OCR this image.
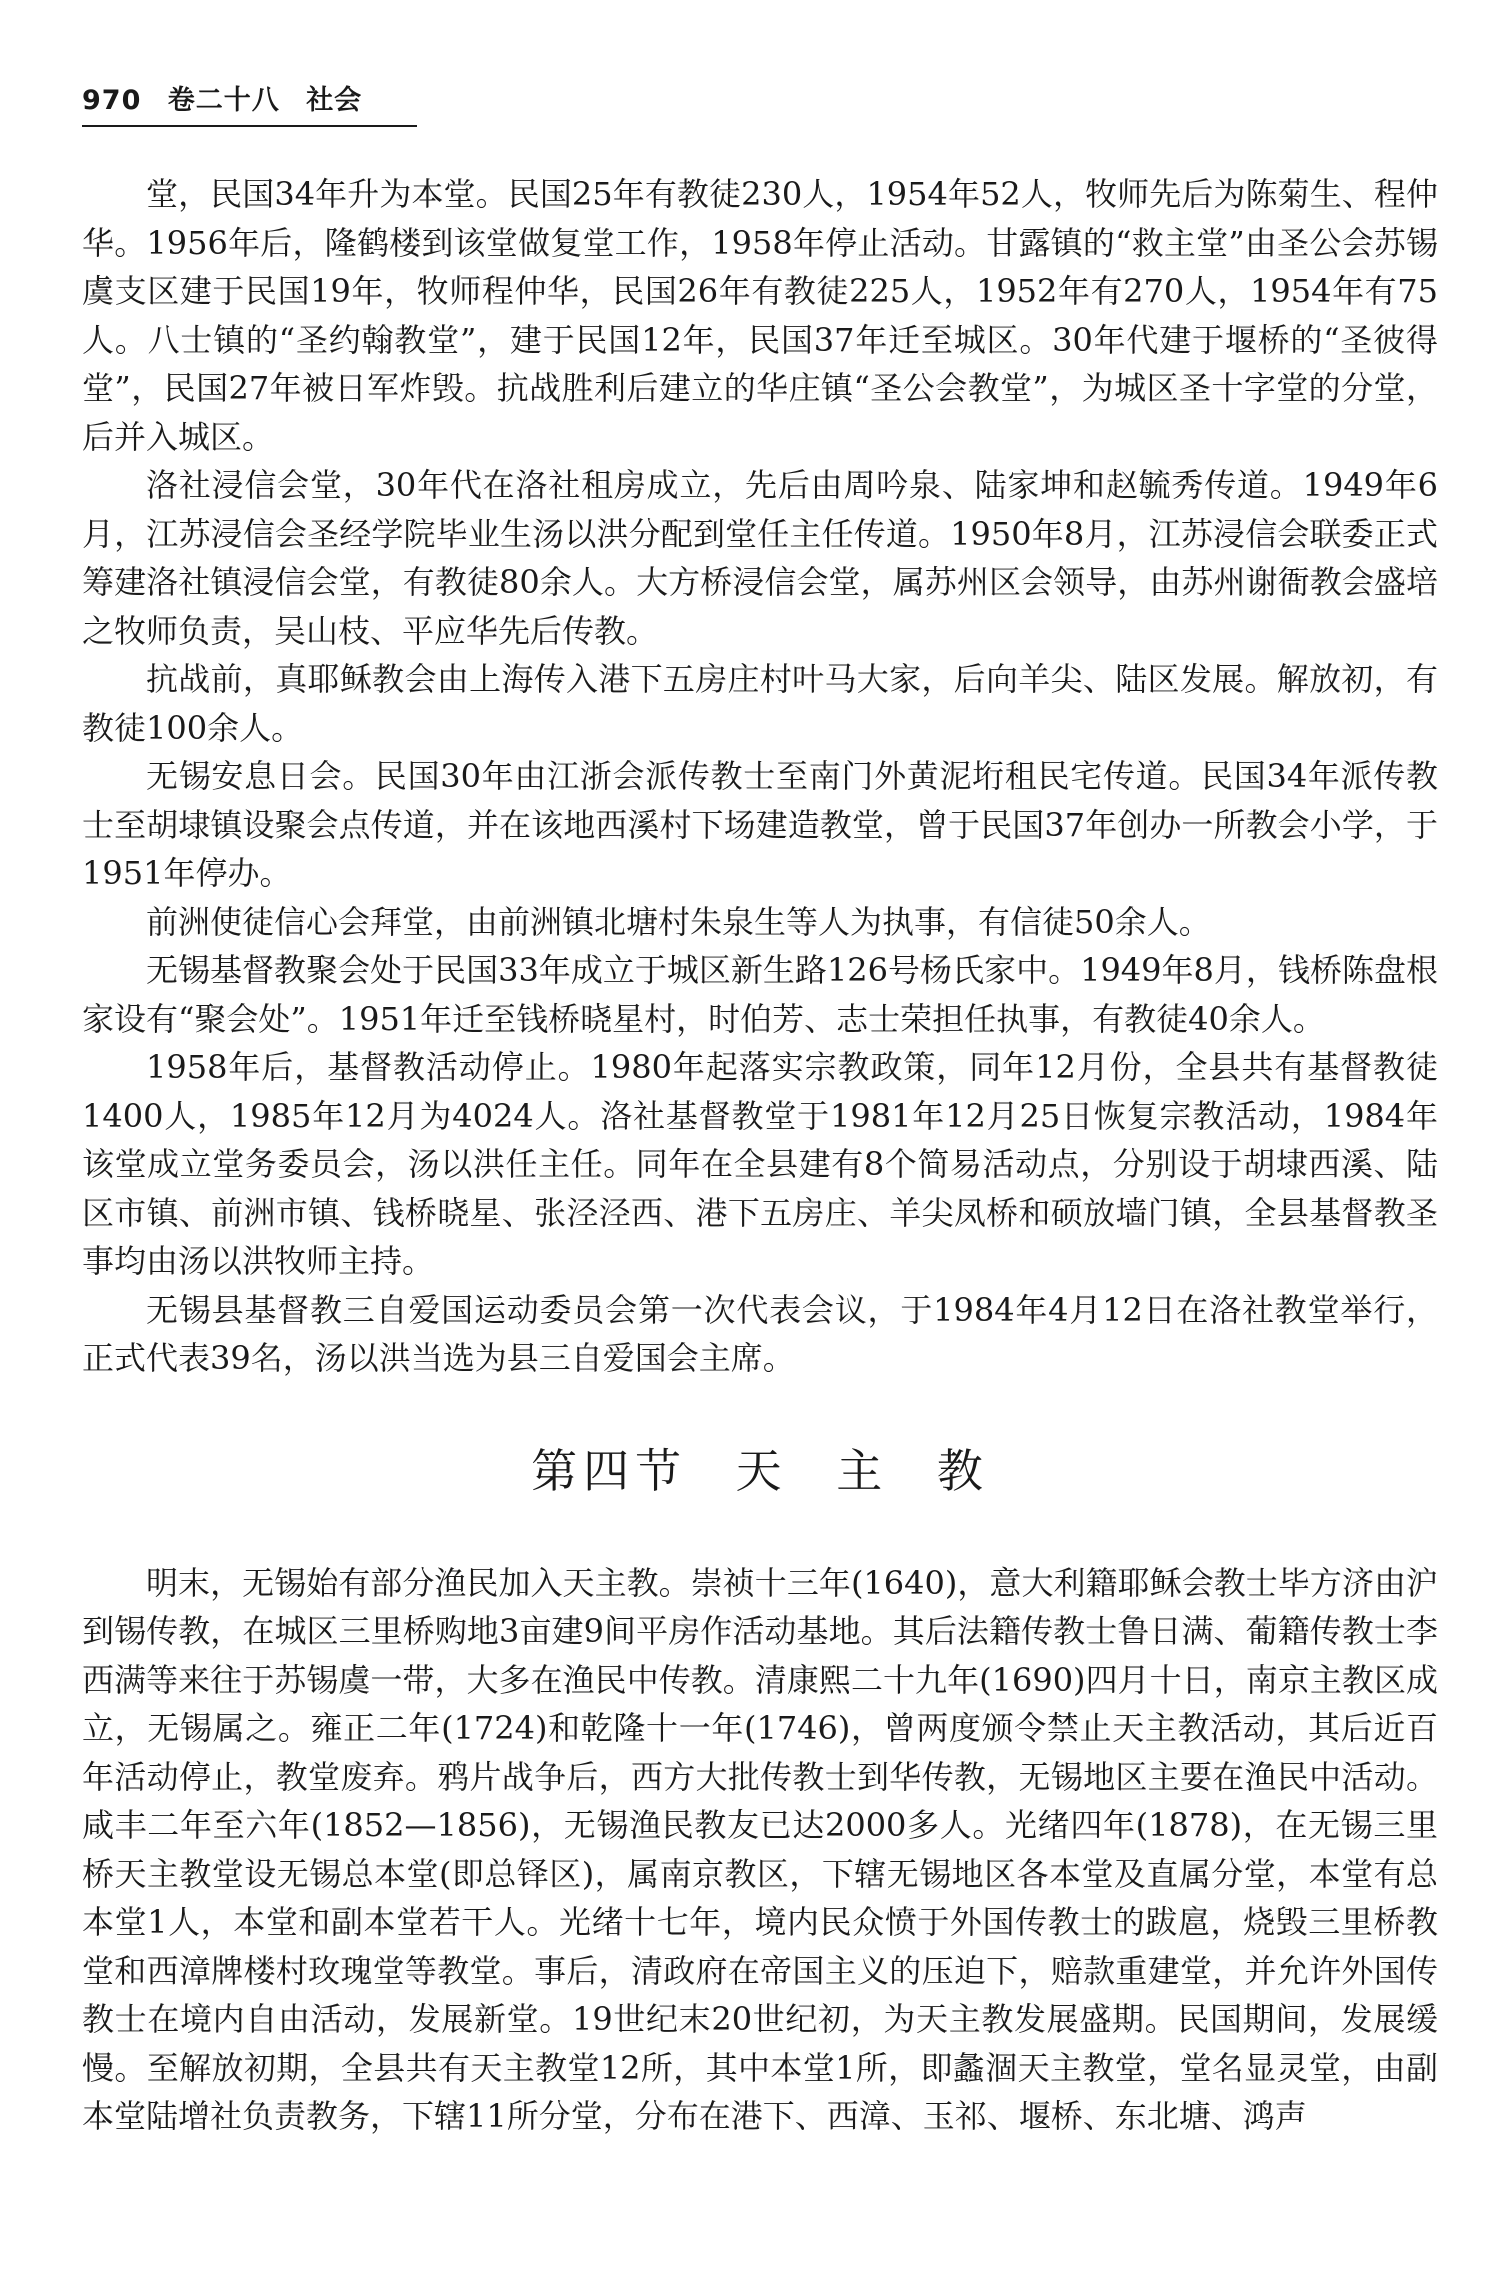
970 卷二十八 社会

堂，民国34年升为本堂。民国25年有教徒230人，1954年52人，牧师先后为陈菊生、程仲华。1956年后，隆鹤楼到该堂做复堂工作，1958年停止活动。甘露镇的“救主堂”由圣公会苏锡虞支区建于民国19年，牧师程仲华，民国26年有教徒225人，1952年有270人，1954年有75人。八士镇的“圣约翰教堂”，建于民国12年，民国37年迁至城区。30年代建于堰桥的“圣彼得堂”，民国27年被日军炸毁。抗战胜利后建立的华庄镇“圣公会教堂”，为城区圣十字堂的分堂，后并入城区。

洛社浸信会堂，30年代在洛社租房成立，先后由周吟泉、陆家坤和赵毓秀传道。1949年6月，江苏浸信会圣经学院毕业生汤以洪分配到堂任主任传道。1950年8月，江苏浸信会联委正式筹建洛社镇浸信会堂，有教徒80余人。大方桥浸信会堂，属苏州区会领导，由苏州谢衙教会盛培之牧师负责，吴山枝、平应华先后传教。

抗战前，真耶稣教会由上海传入港下五房庄村叶马大家，后向羊尖、陆区发展。解放初，有教徒100余人。

无锡安息日会。民国30年由江浙会派传教士至南门外黄泥垳租民宅传道。民国34年派传教士至胡埭镇设聚会点传道，并在该地西溪村下场建造教堂，曾于民国37年创办一所教会小学，于1951年停办。

前洲使徒信心会拜堂，由前洲镇北塘村朱泉生等人为执事，有信徒50余人。

无锡基督教聚会处于民国33年成立于城区新生路126号杨氏家中。1949年8月，钱桥陈盘根家设有“聚会处”。1951年迁至钱桥晓星村，时伯芳、志士荣担任执事，有教徒40余人。

1958年后，基督教活动停止。1980年起落实宗教政策，同年12月份，全县共有基督教徒1400人，1985年12月为4024人。洛社基督教堂于1981年12月25日恢复宗教活动，1984年该堂成立堂务委员会，汤以洪任主任。同年在全县建有8个简易活动点，分别设于胡埭西溪、陆区市镇、前洲市镇、钱桥晓星、张泾泾西、港下五房庄、羊尖凤桥和硕放墙门镇，全县基督教圣事均由汤以洪牧师主持。

无锡县基督教三自爱国运动委员会第一次代表会议，于1984年4月12日在洛社教堂举行，正式代表39名，汤以洪当选为县三自爱国会主席。

第四节 天 主 教

明末，无锡始有部分渔民加入天主教。崇祯十三年(1640)，意大利籍耶稣会教士毕方济由沪到锡传教，在城区三里桥购地3亩建9间平房作活动基地。其后法籍传教士鲁日满、葡籍传教士李西满等来往于苏锡虞一带，大多在渔民中传教。清康熙二十九年(1690)四月十日，南京主教区成立，无锡属之。雍正二年(1724)和乾隆十一年(1746)，曾两度颁令禁止天主教活动，其后近百年活动停止，教堂废弃。鸦片战争后，西方大批传教士到华传教，无锡地区主要在渔民中活动。咸丰二年至六年(1852—1856)，无锡渔民教友已达2000多人。光绪四年(1878)，在无锡三里桥天主教堂设无锡总本堂(即总铎区)，属南京教区，下辖无锡地区各本堂及直属分堂，本堂有总本堂1人，本堂和副本堂若干人。光绪十七年，境内民众愤于外国传教士的跋扈，烧毁三里桥教堂和西漳牌楼村玫瑰堂等教堂。事后，清政府在帝国主义的压迫下，赔款重建堂，并允许外国传教士在境内自由活动，发展新堂。19世纪末20世纪初，为天主教发展盛期。民国期间，发展缓慢。至解放初期，全县共有天主教堂12所，其中本堂1所，即蠡涸天主教堂，堂名显灵堂，由副本堂陆增社负责教务，下辖11所分堂，分布在港下、西漳、玉祁、堰桥、东北塘、鸿声
